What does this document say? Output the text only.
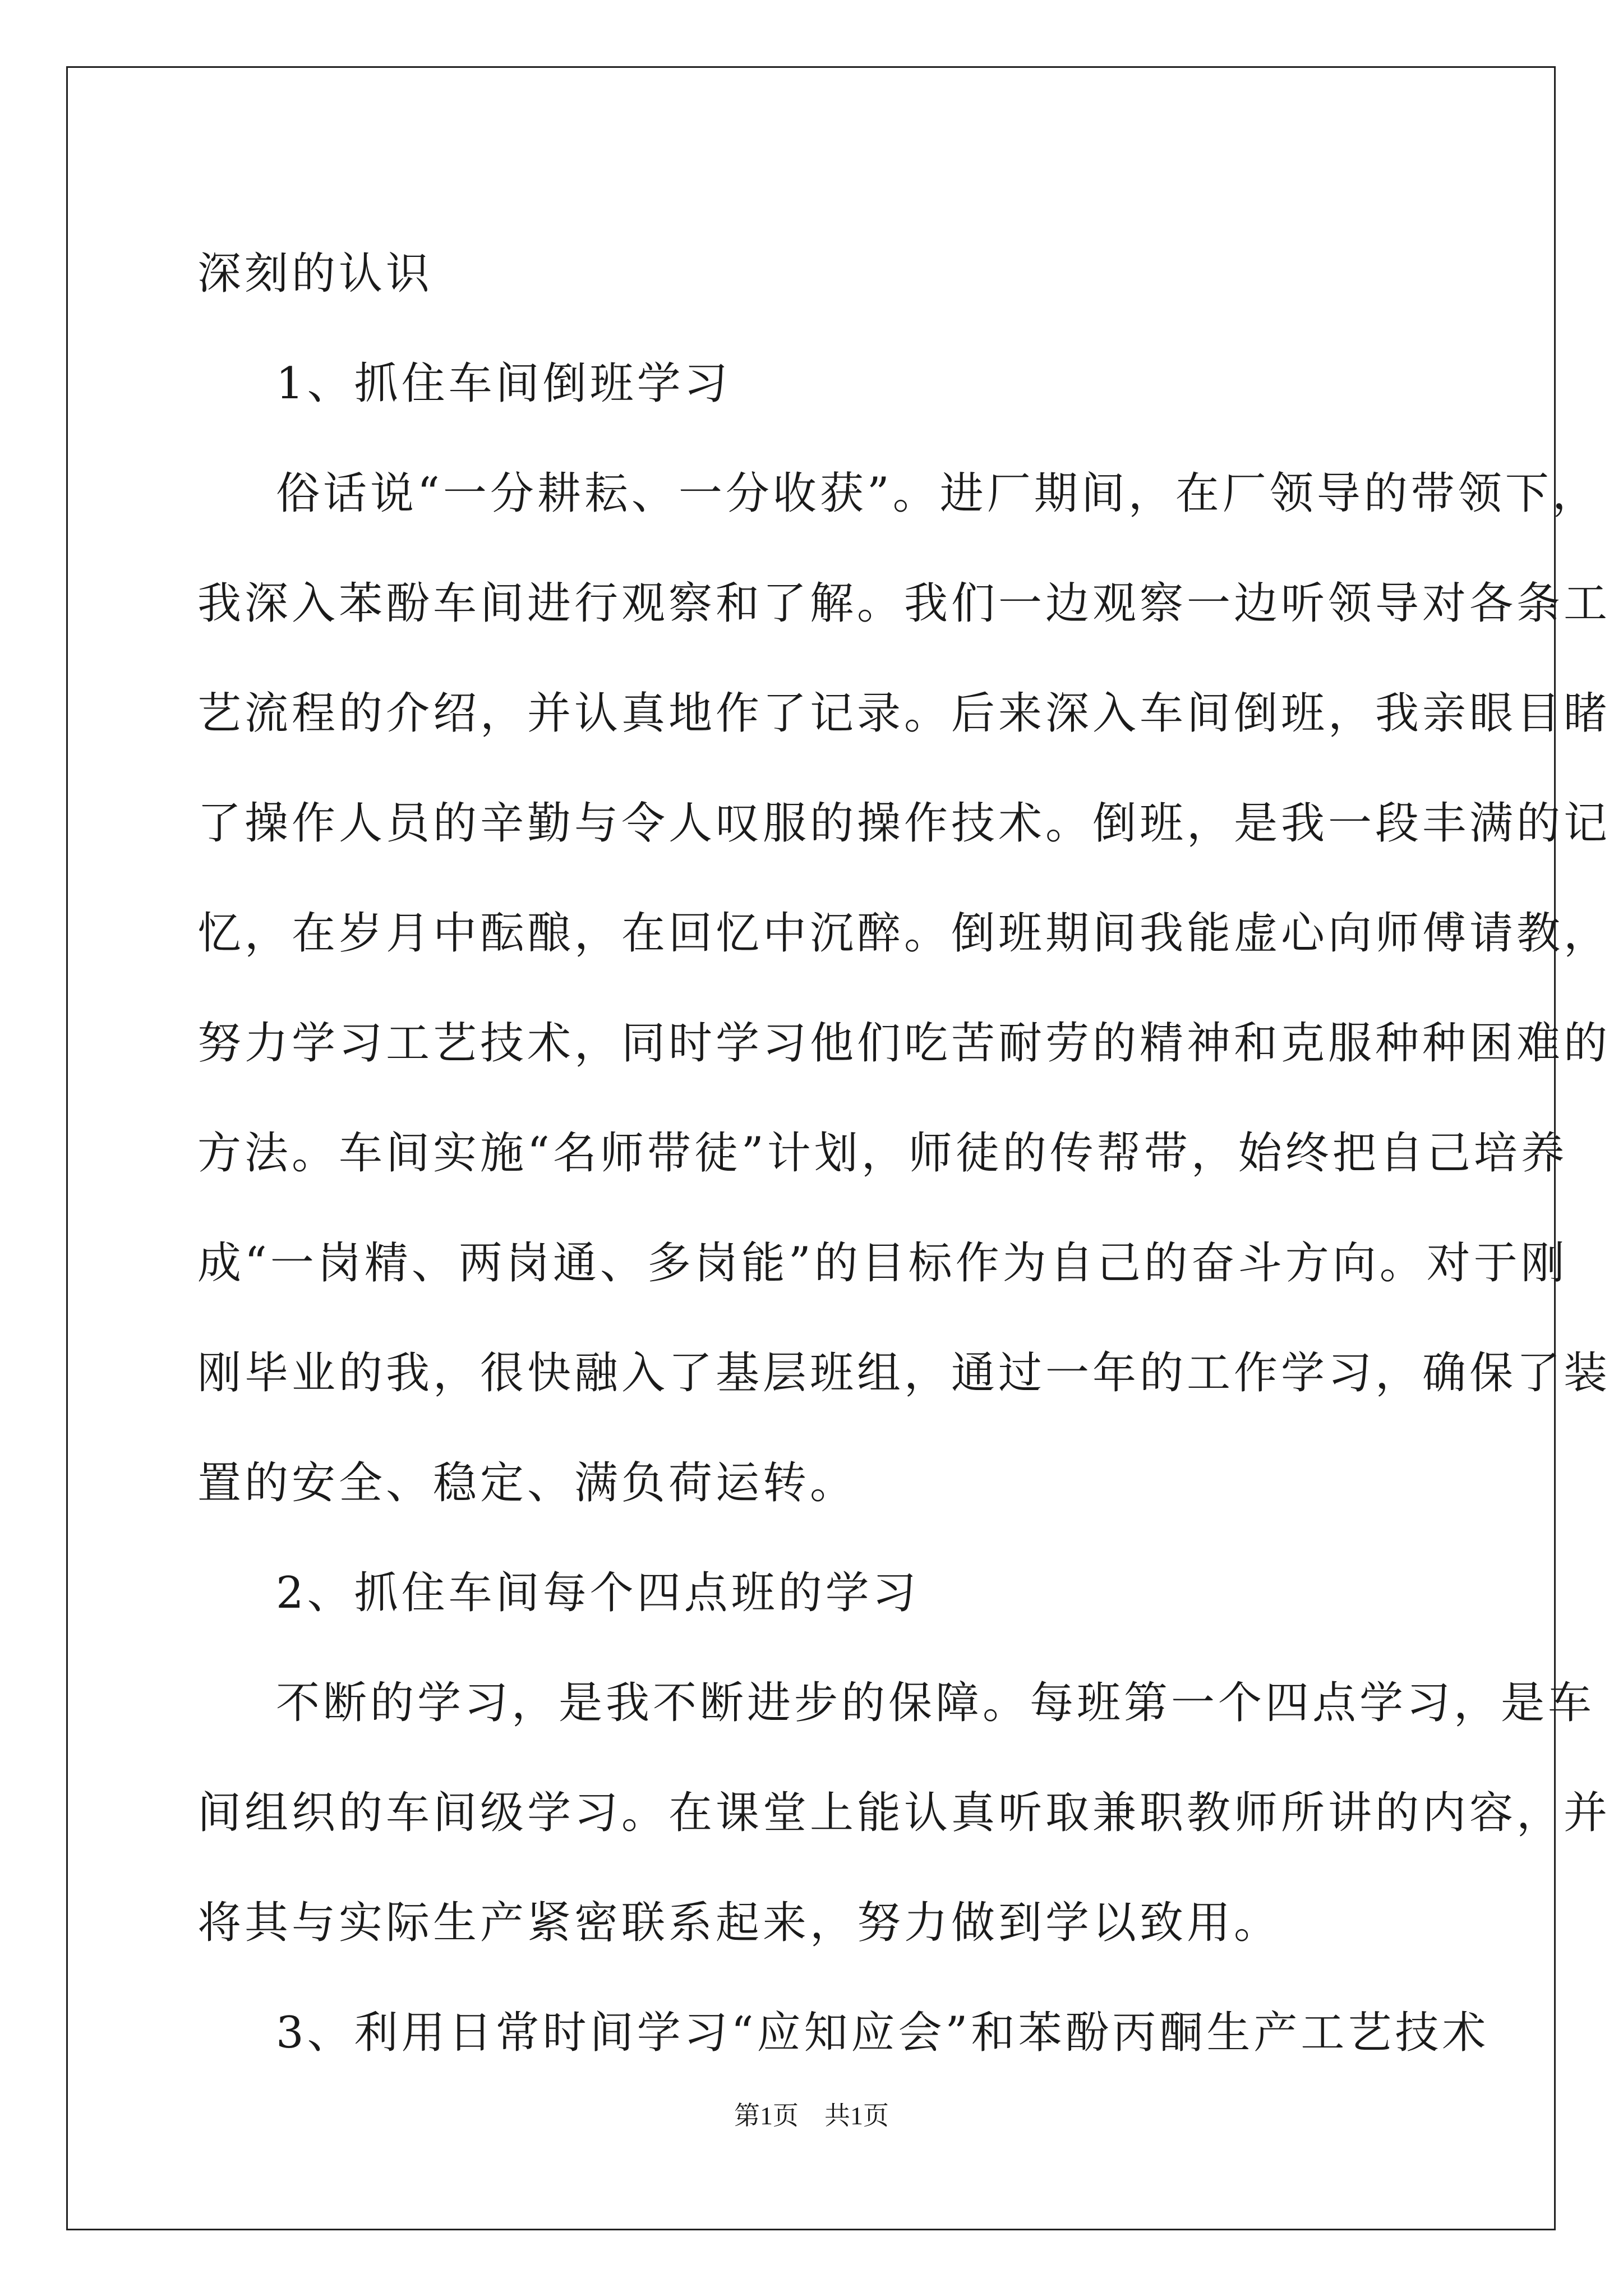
深刻的认识
1、抓住车间倒班学习
俗话说“一分耕耘、一分收获”。进厂期间，在厂领导的带领下，
我深入苯酚车间进行观察和了解。我们一边观察一边听领导对各条工
艺流程的介绍，并认真地作了记录。后来深入车间倒班，我亲眼目睹
了操作人员的辛勤与令人叹服的操作技术。倒班，是我一段丰满的记
忆，在岁月中酝酿，在回忆中沉醉。倒班期间我能虚心向师傅请教，
努力学习工艺技术，同时学习他们吃苦耐劳的精神和克服种种困难的
方法。车间实施“名师带徒”计划，师徒的传帮带，始终把自己培养
成“一岗精、两岗通、多岗能”的目标作为自己的奋斗方向。对于刚
刚毕业的我，很快融入了基层班组，通过一年的工作学习，确保了装
置的安全、稳定、满负荷运转。
2、抓住车间每个四点班的学习
不断的学习，是我不断进步的保障。每班第一个四点学习，是车
间组织的车间级学习。在课堂上能认真听取兼职教师所讲的内容，并
将其与实际生产紧密联系起来，努力做到学以致用。
3、利用日常时间学习“应知应会”和苯酚丙酮生产工艺技术
第1页　共1页
